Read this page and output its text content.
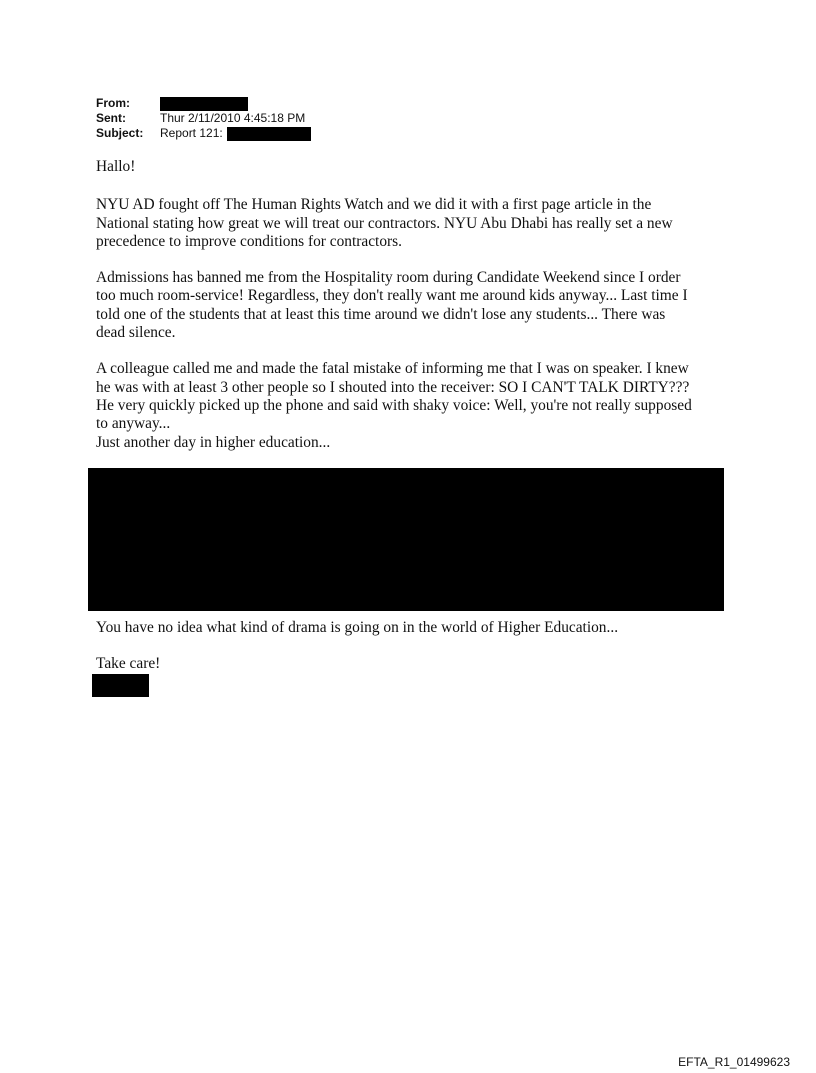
From:
Sent:	Thur 2/11/2010 4:45:18 PM
Subject:	Report 121:

Hallo!

NYU AD fought off The Human Rights Watch and we did it with a first page article in the
National stating how great we will treat our contractors. NYU Abu Dhabi has really set a new
precedence to improve conditions for contractors.

Admissions has banned me from the Hospitality room during Candidate Weekend since I order
too much room-service! Regardless, they don't really want me around kids anyway... Last time I
told one of the students that at least this time around we didn't lose any students... There was
dead silence.

A colleague called me and made the fatal mistake of informing me that I was on speaker. I knew
he was with at least 3 other people so I shouted into the receiver: SO I CAN'T TALK DIRTY???
He very quickly picked up the phone and said with shaky voice: Well, you're not really supposed
to anyway...
Just another day in higher education...

You have no idea what kind of drama is going on in the world of Higher Education...

Take care!

EFTA_R1_01499623
